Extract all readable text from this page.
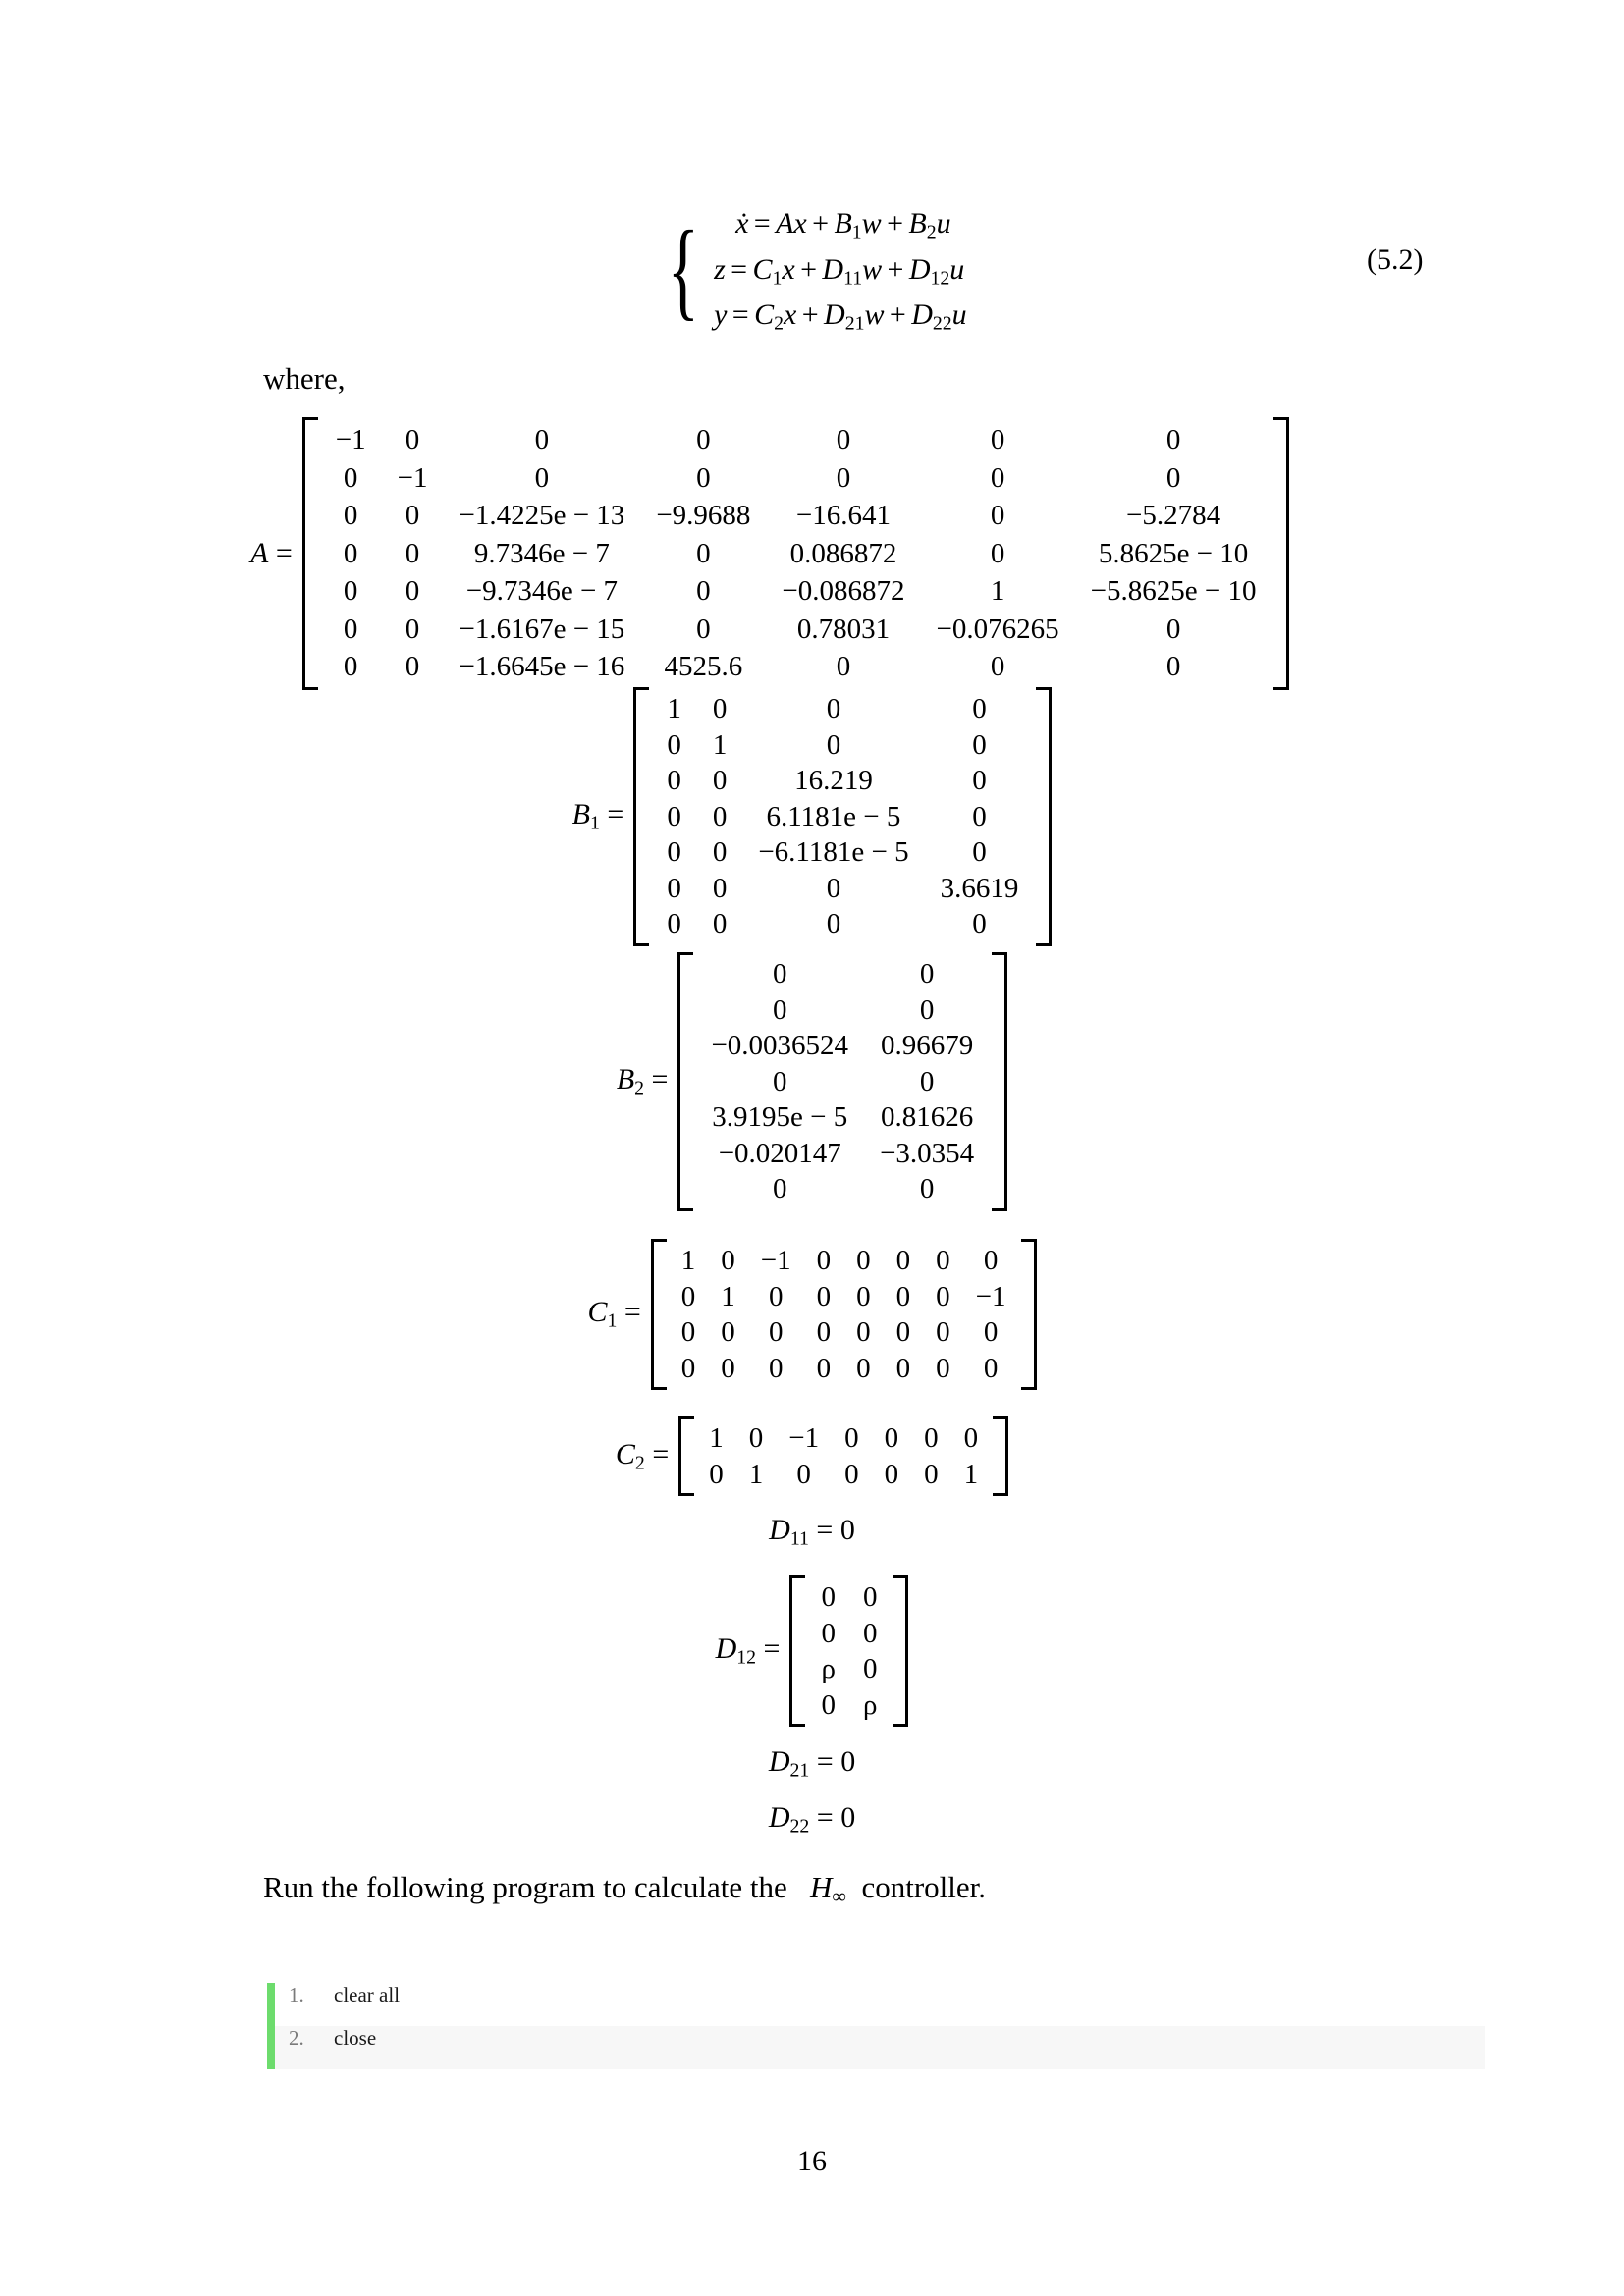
{	ẋ = $Ax + B_1w + B_2u$
$z = C_1x + D_{11}w + D_{12}u$
$y = C_2x + D_{21}w + D_{22}u$
(5.2)
where,
A =
−1	0	0	0	0	0	0
0	−1	0	0	0	0	0
0	0	−1.4225e − 13	−9.9688	−16.641	0	−5.2784
0	0	9.7346e − 7	0	0.086872	0	5.8625e − 10
0	0	−9.7346e − 7	0	−0.086872	1	−5.8625e − 10
0	0	−1.6167e − 15	0	0.78031	−0.076265	0
0	0	−1.6645e − 16	4525.6	0	0	0
$B_1$ =
1	0	0	0
0	1	0	0
0	0	16.219	0
0	0	6.1181e − 5	0
0	0	−6.1181e − 5	0
0	0	0	3.6619
0	0	0	0
$B_2$ =
0	0
0	0
−0.0036524	0.96679
0	0
3.9195e − 5	0.81626
−0.020147	−3.0354
0	0
$C_1$ =
1	0	−1	0	0	0	0	0
0	1	0	0	0	0	0	−1
0	0	0	0	0	0	0	0
0	0	0	0	0	0	0	0
$C_2$ =	1	0	−1	0	0	0	0
0	1	0	0	0	0	1
$D_{11} = 0$
$D_{12}$ =
0	0
0	0
ρ	0
0	ρ
$D_{21} = 0$
$D_{22} = 0$
Run the following program to calculate the H∞ controller.
1.	clear all
2.	close
16
